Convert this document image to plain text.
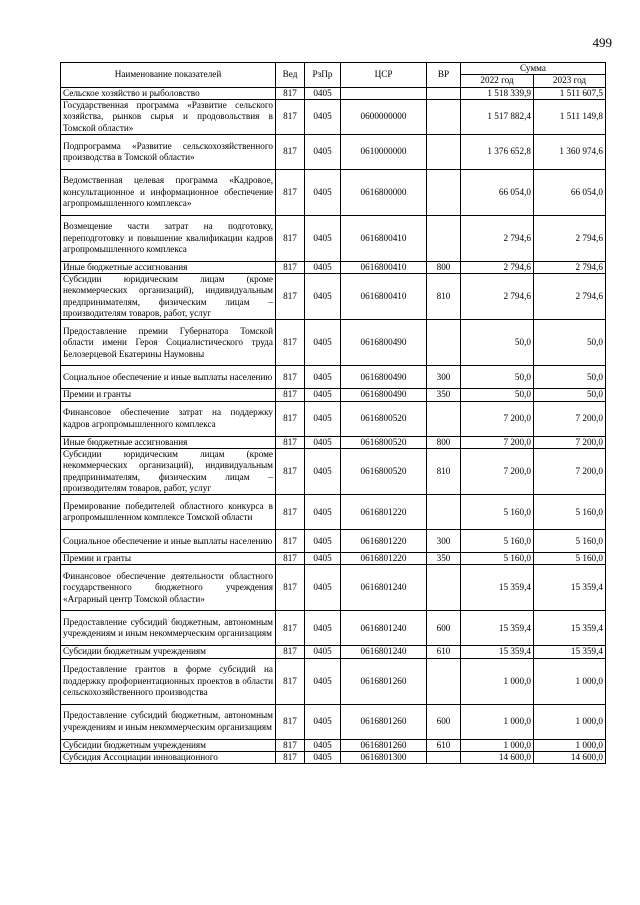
499
Наименование показателей	Вед	РзПр	ЦСР	ВР	Сумма	
					2022 год	2023 год
Сельское хозяйство и рыболовство	817	0405			1 518 339,9	1 511 607,5
Государственная программа «Развитие сельского хозяйства, рынков сырья и продовольствия в Томской области»	817	0405	0600000000		1 517 882,4	1 511 149,8
Подпрограмма «Развитие сельскохозяйственного производства в Томской области»	817	0405	0610000000		1 376 652,8	1 360 974,6
Ведомственная целевая программа «Кадровое, консультационное и информационное обеспечение агропромышленного комплекса»	817	0405	0616800000		66 054,0	66 054,0
Возмещение части затрат на подготовку, переподготовку и повышение квалификации кадров агропромышленного комплекса	817	0405	0616800410		2 794,6	2 794,6
Иные бюджетные ассигнования	817	0405	0616800410	800	2 794,6	2 794,6
Субсидии юридическим лицам (кроме некоммерческих организаций), индивидуальным предпринимателям, физическим лицам – производителям товаров, работ, услуг	817	0405	0616800410	810	2 794,6	2 794,6
Предоставление премии Губернатора Томской области имени Героя Социалистического труда Белозерцевой Екатерины Наумовны	817	0405	0616800490		50,0	50,0
Социальное обеспечение и иные выплаты населению	817	0405	0616800490	300	50,0	50,0
Премии и гранты	817	0405	0616800490	350	50,0	50,0
Финансовое обеспечение затрат на поддержку кадров агропромышленного комплекса	817	0405	0616800520		7 200,0	7 200,0
Иные бюджетные ассигнования	817	0405	0616800520	800	7 200,0	7 200,0
Субсидии юридическим лицам (кроме некоммерческих организаций), индивидуальным предпринимателям, физическим лицам – производителям товаров, работ, услуг	817	0405	0616800520	810	7 200,0	7 200,0
Премирование победителей областного конкурса в агропромышленном комплексе Томской области	817	0405	0616801220		5 160,0	5 160,0
Социальное обеспечение и иные выплаты населению	817	0405	0616801220	300	5 160,0	5 160,0
Премии и гранты	817	0405	0616801220	350	5 160,0	5 160,0
Финансовое обеспечение деятельности областного государственного бюджетного учреждения «Аграрный центр Томской области»	817	0405	0616801240		15 359,4	15 359,4
Предоставление субсидий бюджетным, автономным учреждениям и иным некоммерческим организациям	817	0405	0616801240	600	15 359,4	15 359,4
Субсидии бюджетным учреждениям	817	0405	0616801240	610	15 359,4	15 359,4
Предоставление грантов в форме субсидий на поддержку профориентационных проектов в области сельскохозяйственного производства	817	0405	0616801260		1 000,0	1 000,0
Предоставление субсидий бюджетным, автономным учреждениям и иным некоммерческим организациям	817	0405	0616801260	600	1 000,0	1 000,0
Субсидии бюджетным учреждениям	817	0405	0616801260	610	1 000,0	1 000,0
Субсидия Ассоциации инновационного	817	0405	0616801300		14 600,0	14 600,0
